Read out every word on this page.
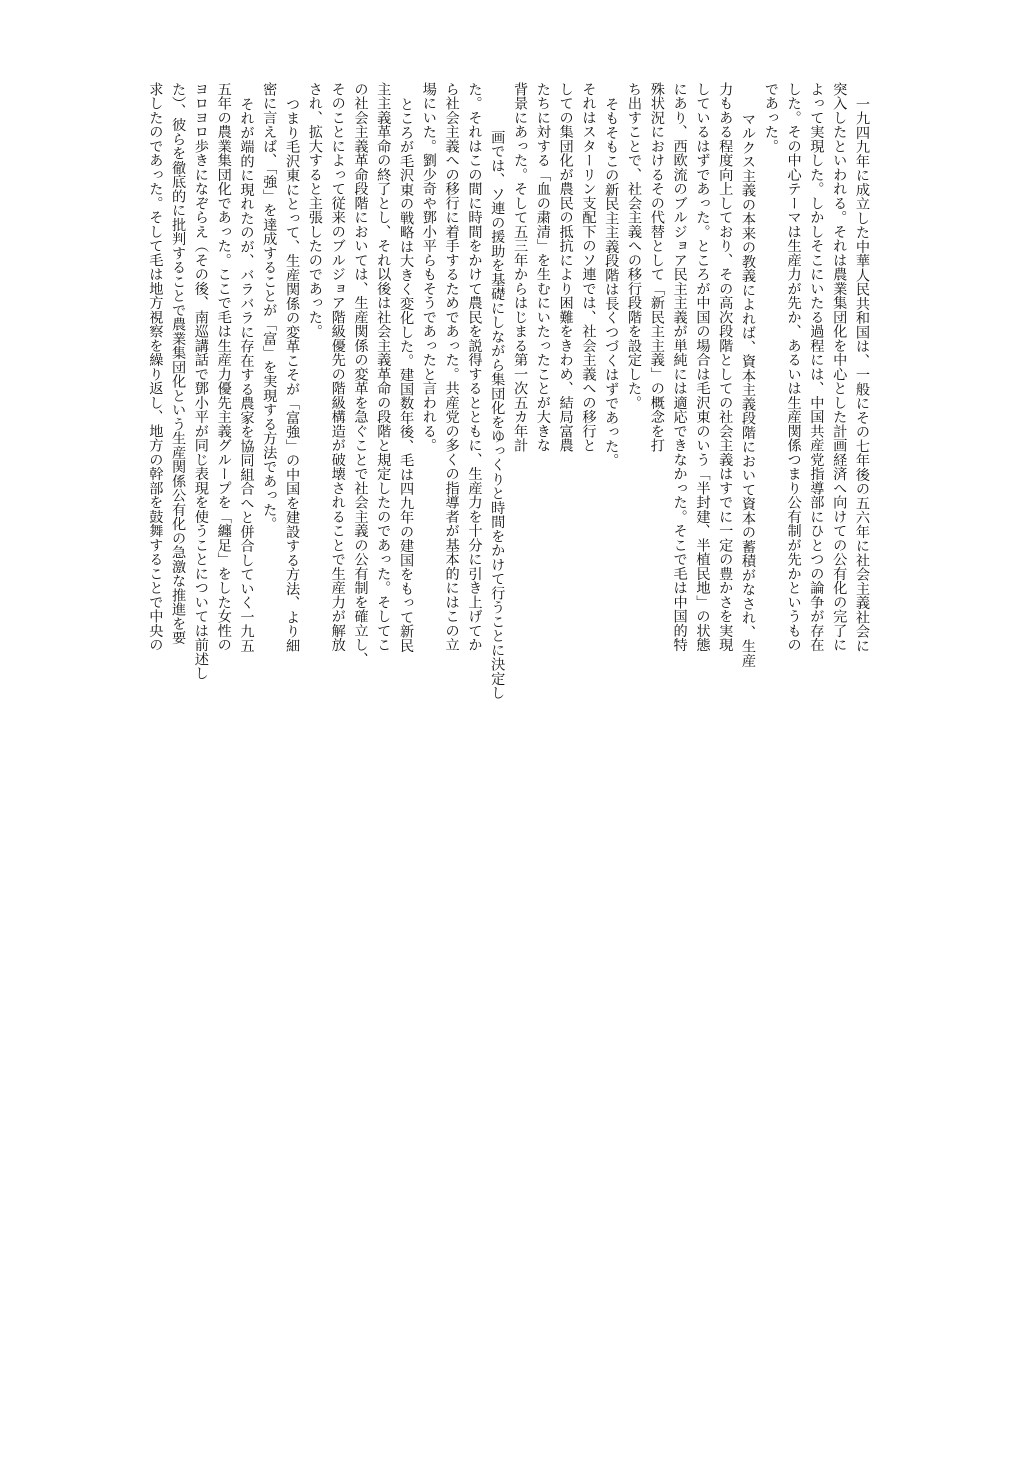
一九四九年に成立した中華人民共和国は、一般にその七年後の五六年に社会主義社会に
突入したといわれる。それは農業集団化を中心とした計画経済へ向けての公有化の完了に
よって実現した。しかしそこにいたる過程には、中国共産党指導部にひとつの論争が存在
した。その中心テーマは生産力が先か、あるいは生産関係つまり公有制が先かというもの
であった。
マルクス主義の本来の教義によれば、資本主義段階において資本の蓄積がなされ、生産
力もある程度向上しており、その高次段階としての社会主義はすでに一定の豊かさを実現
しているはずであった。ところが中国の場合は毛沢東のいう「半封建、半植民地」の状態
にあり、西欧流のブルジョア民主主義が単純には適応できなかった。そこで毛は中国的特
殊状況におけるその代替として「新民主主義」の概念を打
ち出すことで、社会主義への移行段階を設定した。
そもそもこの新民主主義段階は長くつづくはずであった。
それはスターリン支配下のソ連では、社会主義への移行と
しての集団化が農民の抵抗により困難をきわめ、結局富農
たちに対する「血の粛清」を生むにいたったことが大きな
背景にあった。そして五三年からはじまる第一次五カ年計
画では、ソ連の援助を基礎にしながら集団化をゆっくりと時間をかけて行うことに決定し
た。それはこの間に時間をかけて農民を説得するとともに、生産力を十分に引き上げてか
ら社会主義への移行に着手するためであった。共産党の多くの指導者が基本的にはこの立
場にいた。劉少奇や鄧小平らもそうであったと言われる。
ところが毛沢東の戦略は大きく変化した。建国数年後、毛は四九年の建国をもって新民
主主義革命の終了とし、それ以後は社会主義革命の段階と規定したのであった。そしてこ
の社会主義革命段階においては、生産関係の変革を急ぐことで社会主義の公有制を確立し、
そのことによって従来のブルジョア階級優先の階級構造が破壊されることで生産力が解放
され、拡大すると主張したのであった。
つまり毛沢東にとって、生産関係の変革こそが「富強」の中国を建設する方法、より細
密に言えば、「強」を達成することが「富」を実現する方法であった。
それが端的に現れたのが、バラバラに存在する農家を協同組合へと併合していく一九五
五年の農業集団化であった。ここで毛は生産力優先主義グループを「纏足」をした女性の
ヨロヨロ歩きになぞらえ（その後、南巡講話で鄧小平が同じ表現を使うことについては前述し
た）、彼らを徹底的に批判することで農業集団化という生産関係公有化の急激な推進を要
求したのであった。そして毛は地方視察を繰り返し、地方の幹部を鼓舞することで中央の
